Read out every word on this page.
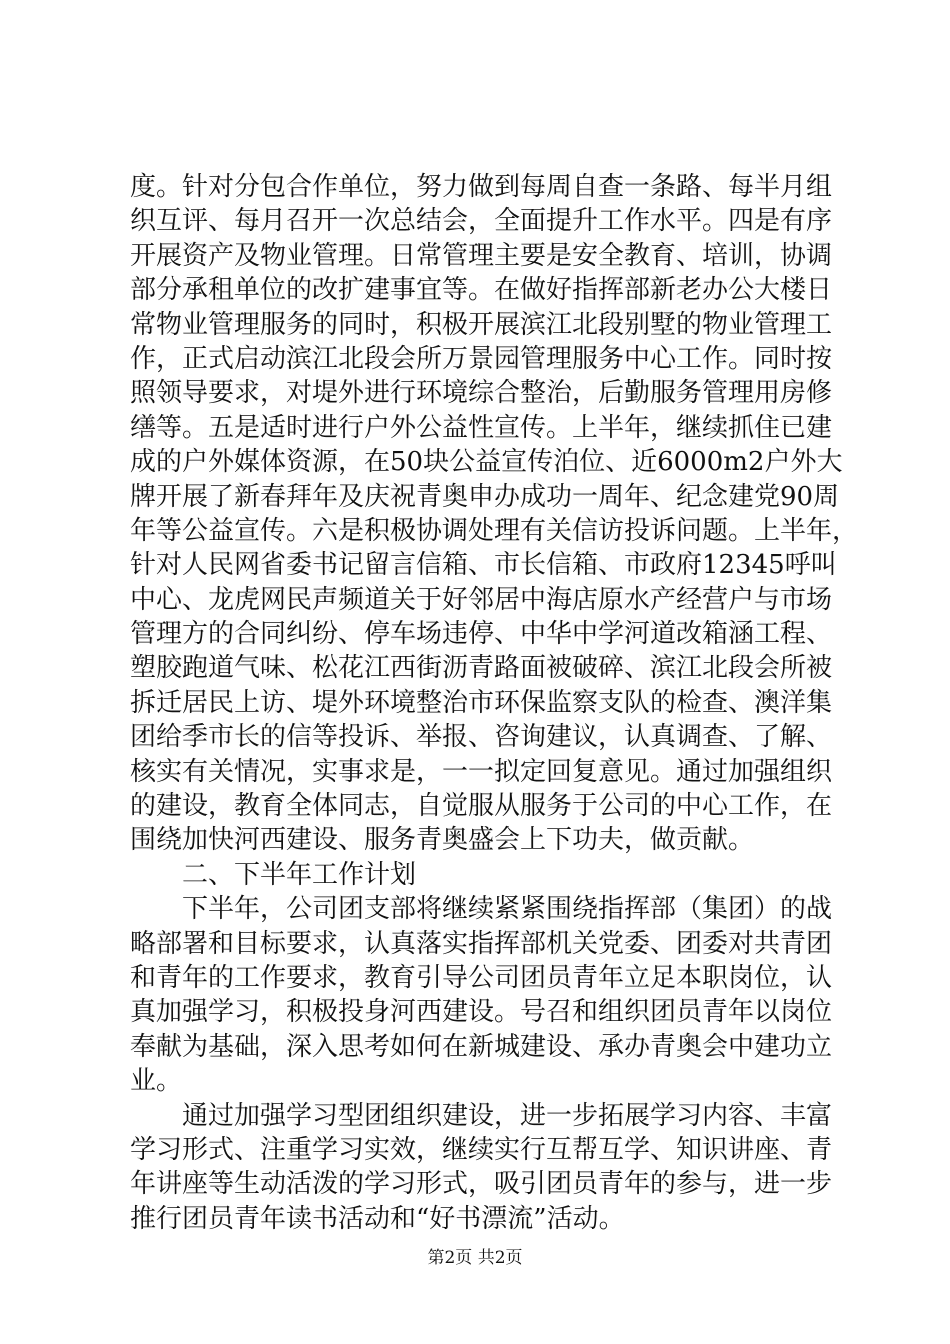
度。针对分包合作单位，努力做到每周自查一条路、每半月组
织互评、每月召开一次总结会，全面提升工作水平。四是有序
开展资产及物业管理。日常管理主要是安全教育、培训，协调
部分承租单位的改扩建事宜等。在做好指挥部新老办公大楼日
常物业管理服务的同时，积极开展滨江北段别墅的物业管理工
作，正式启动滨江北段会所万景园管理服务中心工作。同时按
照领导要求，对堤外进行环境综合整治，后勤服务管理用房修
缮等。五是适时进行户外公益性宣传。上半年，继续抓住已建
成的户外媒体资源，在50块公益宣传泊位、近6000m2户外大
牌开展了新春拜年及庆祝青奥申办成功一周年、纪念建党90周
年等公益宣传。六是积极协调处理有关信访投诉问题。上半年，
针对人民网省委书记留言信箱、市长信箱、市政府12345呼叫
中心、龙虎网民声频道关于好邻居中海店原水产经营户与市场
管理方的合同纠纷、停车场违停、中华中学河道改箱涵工程、
塑胶跑道气味、松花江西街沥青路面被破碎、滨江北段会所被
拆迁居民上访、堤外环境整治市环保监察支队的检查、澳洋集
团给季市长的信等投诉、举报、咨询建议，认真调查、了解、
核实有关情况，实事求是，一一拟定回复意见。通过加强组织
的建设，教育全体同志，自觉服从服务于公司的中心工作，在
围绕加快河西建设、服务青奥盛会上下功夫，做贡献。
二、下半年工作计划
下半年，公司团支部将继续紧紧围绕指挥部（集团）的战
略部署和目标要求，认真落实指挥部机关党委、团委对共青团
和青年的工作要求，教育引导公司团员青年立足本职岗位，认
真加强学习，积极投身河西建设。号召和组织团员青年以岗位
奉献为基础，深入思考如何在新城建设、承办青奥会中建功立
业。
通过加强学习型团组织建设，进一步拓展学习内容、丰富
学习形式、注重学习实效，继续实行互帮互学、知识讲座、青
年讲座等生动活泼的学习形式，吸引团员青年的参与，进一步
推行团员青年读书活动和“好书漂流”活动。
第2页 共2页
